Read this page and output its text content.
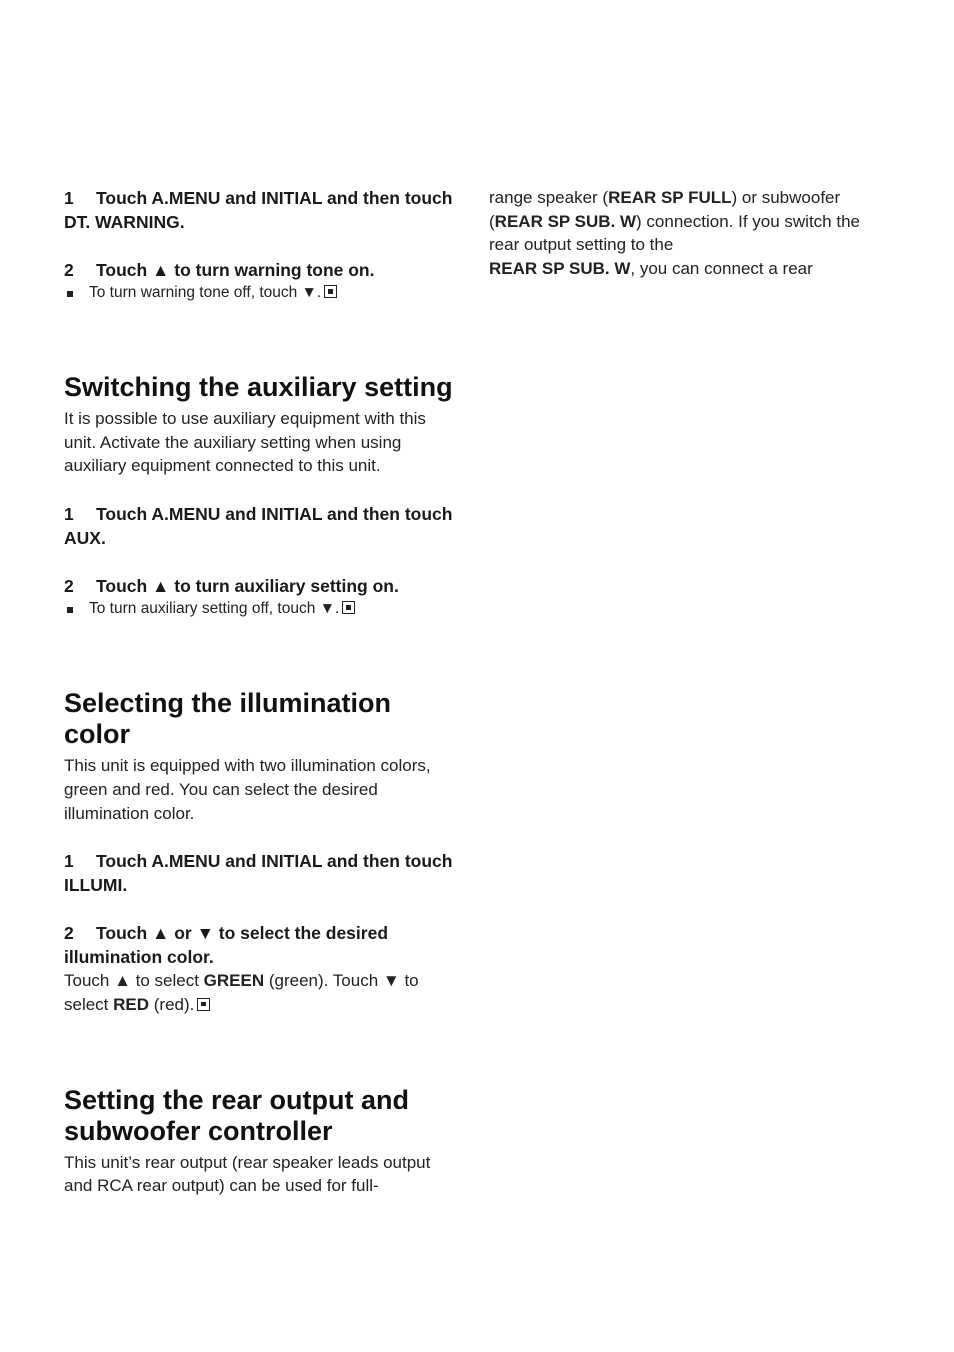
1 Touch A.MENU and INITIAL and then touch DT. WARNING.

2 Touch ▲ to turn warning tone on.

To turn warning tone off, touch ▼.

Switching the auxiliary setting

It is possible to use auxiliary equipment with this unit. Activate the auxiliary setting when using auxiliary equipment connected to this unit.

1 Touch A.MENU and INITIAL and then touch AUX.

2 Touch ▲ to turn auxiliary setting on.

To turn auxiliary setting off, touch ▼.

Selecting the illumination color

This unit is equipped with two illumination colors, green and red. You can select the desired illumination color.

1 Touch A.MENU and INITIAL and then touch ILLUMI.

2 Touch ▲ or ▼ to select the desired illumination color.

Touch ▲ to select GREEN (green). Touch ▼ to select RED (red).

Setting the rear output and subwoofer controller

This unit’s rear output (rear speaker leads output and RCA rear output) can be used for full-

range speaker (REAR SP FULL) or subwoofer (REAR SP SUB. W) connection. If you switch the rear output setting to the
REAR SP SUB. W, you can connect a rear
